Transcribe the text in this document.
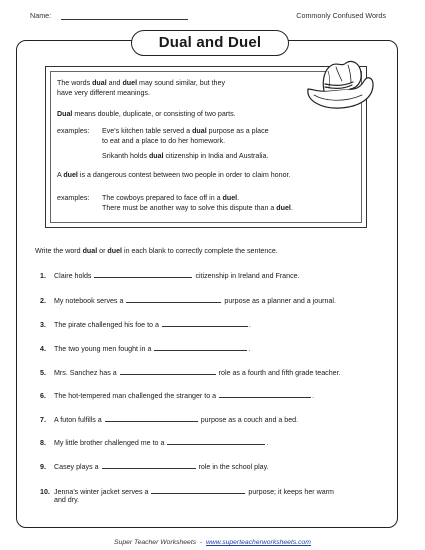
Name:	Commonly Confused Words
Dual and Duel
The words dual and duel may sound similar, but they
have very different meanings.
Dual means double, duplicate, or consisting of two parts.
examples: Eve's kitchen table served a dual purpose as a place
to eat and a place to do her homework.
Srikanth holds dual citizenship in India and Australia.
A duel is a dangerous contest between two people in order to claim honor.
examples: The cowboys prepared to face off in a duel.
There must be another way to solve this dispute than a duel.
Write the word dual or duel in each blank to correctly complete the sentence.
1. Claire holds	citizenship in Ireland and France.
2. My notebook serves a	purpose as a planner and a journal.
3. The pirate challenged his foe to a	.
4. The two young men fought in a	.
5. Mrs. Sanchez has a	role as a fourth and fifth grade teacher.
6. The hot-tempered man challenged the stranger to a	.
7. A futon fulfills a	purpose as a couch and a bed.
8. My little brother challenged me to a	.
9. Casey plays a	role in the school play.
10. Jenna's winter jacket serves a	purpose; it keeps her warm
and dry.
Super Teacher Worksheets  -  www.superteacherworksheets.com
